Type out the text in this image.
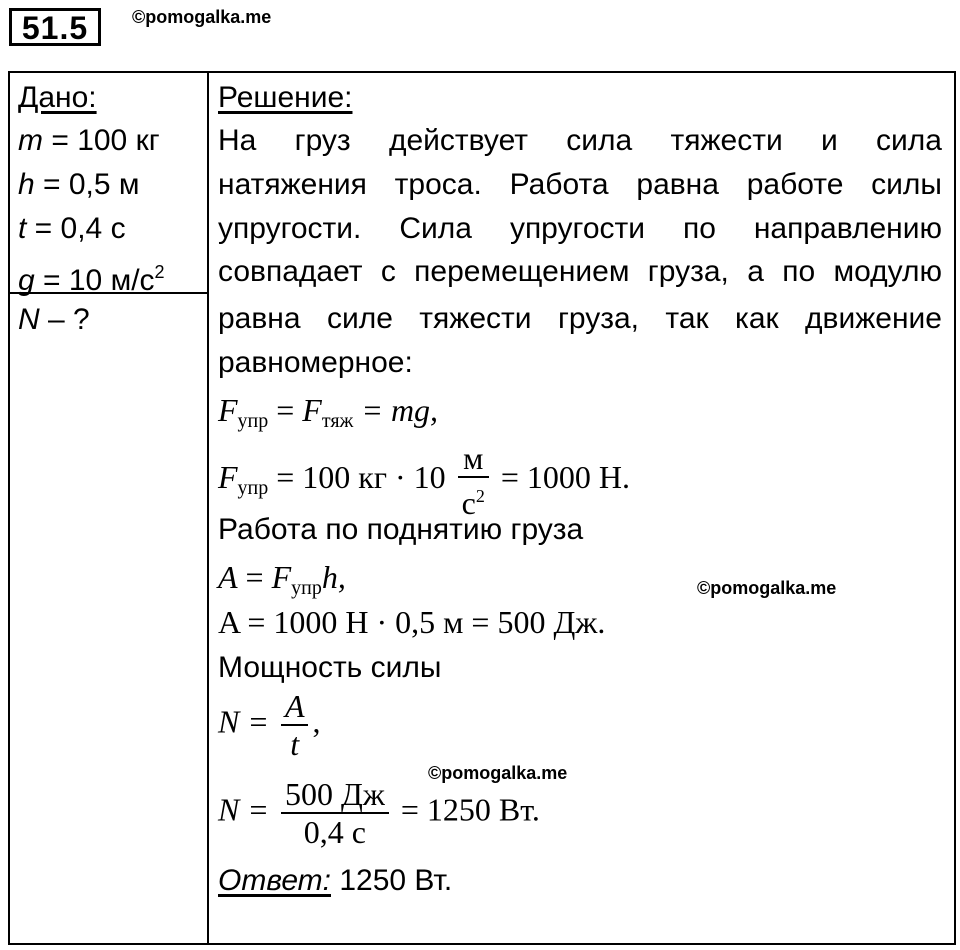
51.5	©pomogalka.me
Дано:
m = 100 кг
h = 0,5 м
t = 0,4 с
g = 10 $м/с^2$
N – ?
Решение:
На груз действует сила тяжести и сила
натяжения троса. Работа равна работе силы
упругости. Сила упругости по направлению
совпадает с перемещением груза, а по модулю
равна силе тяжести груза, так как движение
равномерное:
$F_{упр} = F_{тяж}$ = mg,
$F_{упр} = 100$ кг · $10 \frac{м}{с^2} = 1000$ Н.
Работа по поднятию груза
$A = F_{упр}h$,	©pomogalka.me
A = 1000 Н · 0,5 м = 500 Дж.
Мощность силы
$N = \frac{A}{t}$ ,
©pomogalka.me
$N = \frac{500 Дж}{0,4 с} = 1250$ Вт.
Ответ: 1250 Вт.
